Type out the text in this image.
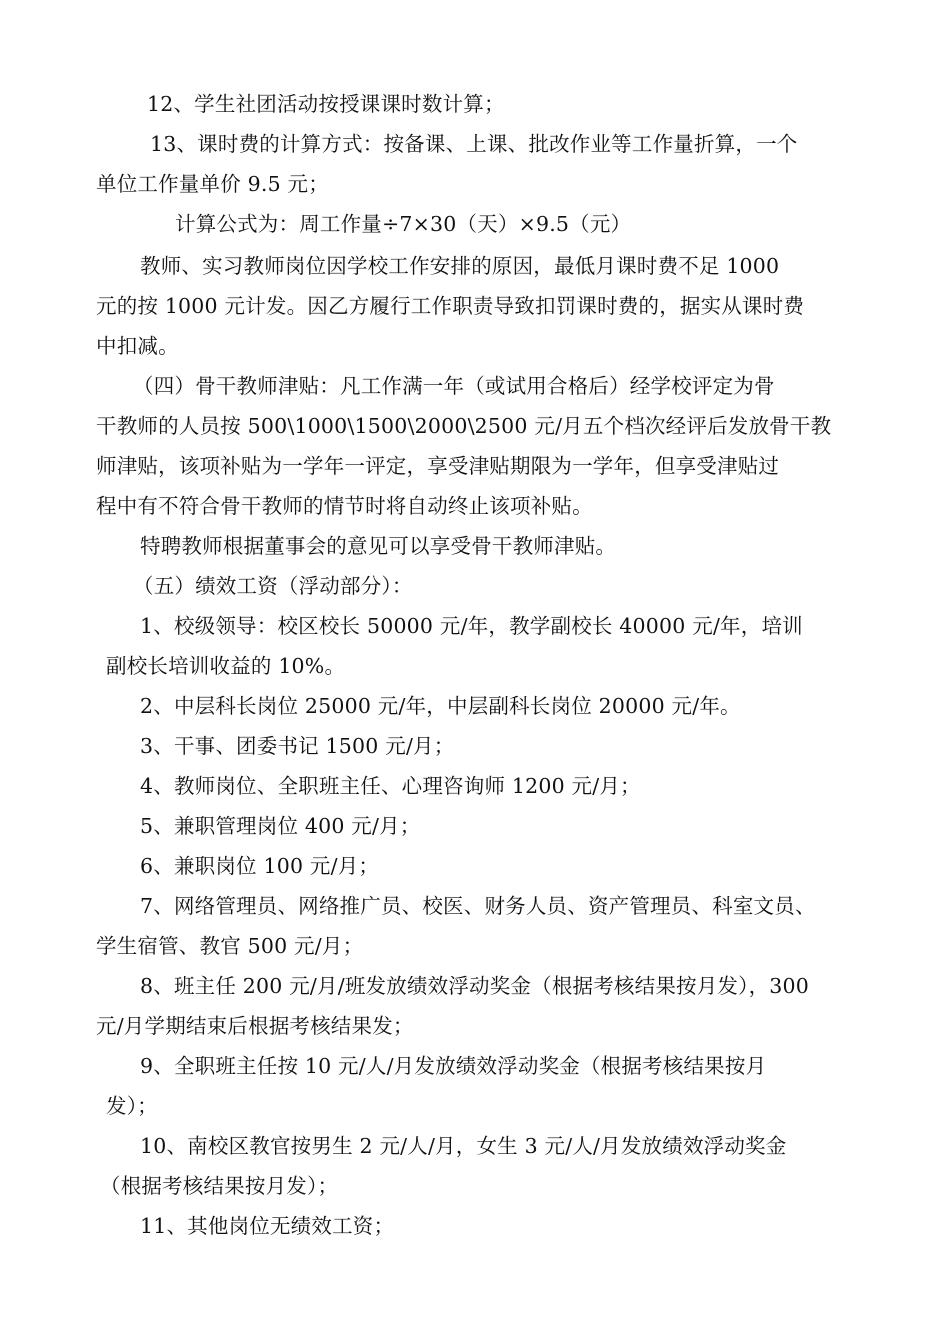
12、学生社团活动按授课课时数计算；
13、课时费的计算方式：按备课、上课、批改作业等工作量折算，一个
单位工作量单价 9.5 元；
计算公式为：周工作量÷7×30（天）×9.5（元）
教师、实习教师岗位因学校工作安排的原因，最低月课时费不足 1000
元的按 1000 元计发。因乙方履行工作职责导致扣罚课时费的，据实从课时费
中扣减。
（四）骨干教师津贴：凡工作满一年（或试用合格后）经学校评定为骨
干教师的人员按 500\1000\1500\2000\2500 元/月五个档次经评后发放骨干教
师津贴，该项补贴为一学年一评定，享受津贴期限为一学年，但享受津贴过
程中有不符合骨干教师的情节时将自动终止该项补贴。
特聘教师根据董事会的意见可以享受骨干教师津贴。
（五）绩效工资（浮动部分）：
1、校级领导：校区校长 50000 元/年，教学副校长 40000 元/年，培训
副校长培训收益的 10%。
2、中层科长岗位 25000 元/年，中层副科长岗位 20000 元/年。
3、干事、团委书记 1500 元/月；
4、教师岗位、全职班主任、心理咨询师 1200 元/月；
5、兼职管理岗位 400 元/月；
6、兼职岗位 100 元/月；
7、网络管理员、网络推广员、校医、财务人员、资产管理员、科室文员、
学生宿管、教官 500 元/月；
8、班主任 200 元/月/班发放绩效浮动奖金（根据考核结果按月发），300
元/月学期结束后根据考核结果发；
9、全职班主任按 10 元/人/月发放绩效浮动奖金（根据考核结果按月
发）；
10、南校区教官按男生 2 元/人/月，女生 3 元/人/月发放绩效浮动奖金
（根据考核结果按月发）；
11、其他岗位无绩效工资；
